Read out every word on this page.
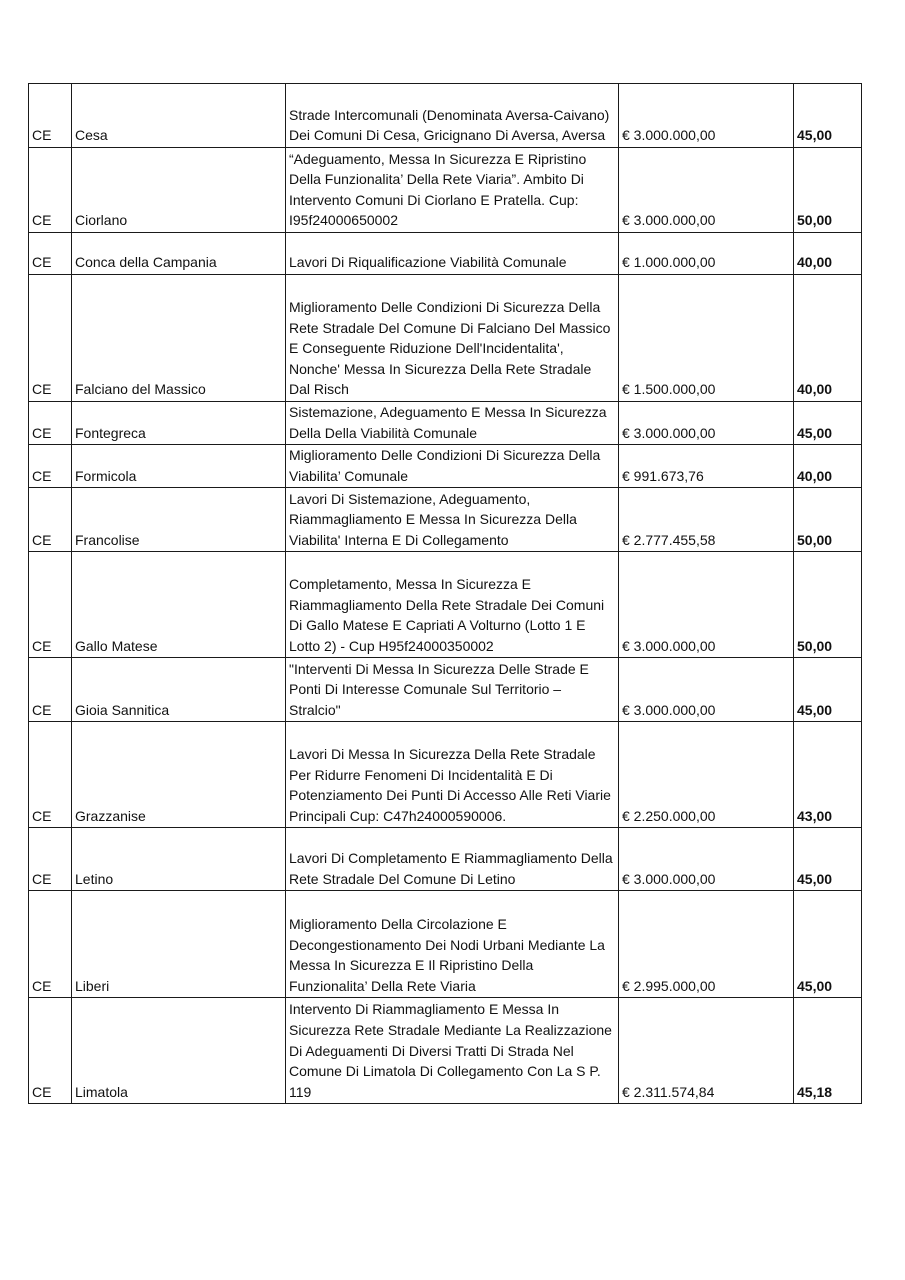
CE	Cesa	Strade Intercomunali (Denominata Aversa-Caivano) Dei Comuni Di Cesa, Gricignano Di Aversa, Aversa	€ 3.000.000,00	45,00
CE	Ciorlano	“Adeguamento, Messa In Sicurezza E Ripristino Della Funzionalita’ Della Rete Viaria”. Ambito Di Intervento Comuni Di Ciorlano E Pratella. Cup: I95f24000650002	€ 3.000.000,00	50,00
CE	Conca della Campania	Lavori Di Riqualificazione Viabilità Comunale	€ 1.000.000,00	40,00
CE	Falciano del Massico	Miglioramento Delle Condizioni Di Sicurezza Della Rete Stradale Del Comune Di Falciano Del Massico E Conseguente Riduzione Dell'Incidentalita', Nonche' Messa In Sicurezza Della Rete Stradale Dal Risch	€ 1.500.000,00	40,00
CE	Fontegreca	Sistemazione, Adeguamento E Messa In Sicurezza Della Della Viabilità Comunale	€ 3.000.000,00	45,00
CE	Formicola	Miglioramento Delle Condizioni Di Sicurezza Della Viabilita’ Comunale	€ 991.673,76	40,00
CE	Francolise	Lavori Di Sistemazione, Adeguamento, Riammagliamento E Messa In Sicurezza Della Viabilita' Interna E Di Collegamento	€ 2.777.455,58	50,00
CE	Gallo Matese	Completamento, Messa In Sicurezza E Riammagliamento Della Rete Stradale Dei Comuni Di Gallo Matese E Capriati A Volturno (Lotto 1 E Lotto 2) - Cup H95f24000350002	€ 3.000.000,00	50,00
CE	Gioia Sannitica	"Interventi Di Messa In Sicurezza Delle Strade E Ponti Di Interesse Comunale Sul Territorio – Stralcio"	€ 3.000.000,00	45,00
CE	Grazzanise	Lavori Di Messa In Sicurezza Della Rete Stradale Per Ridurre Fenomeni Di Incidentalità E Di Potenziamento Dei Punti Di Accesso Alle Reti Viarie Principali Cup: C47h24000590006.	€ 2.250.000,00	43,00
CE	Letino	Lavori Di Completamento E Riammagliamento Della Rete Stradale Del Comune Di Letino	€ 3.000.000,00	45,00
CE	Liberi	Miglioramento Della Circolazione E Decongestionamento Dei Nodi Urbani Mediante La Messa In Sicurezza E Il Ripristino Della Funzionalita’ Della Rete Viaria	€ 2.995.000,00	45,00
CE	Limatola	Intervento Di Riammagliamento E Messa In Sicurezza Rete Stradale Mediante La Realizzazione Di Adeguamenti Di Diversi Tratti Di Strada Nel Comune Di Limatola Di Collegamento Con La S P. 119	€ 2.311.574,84	45,18
